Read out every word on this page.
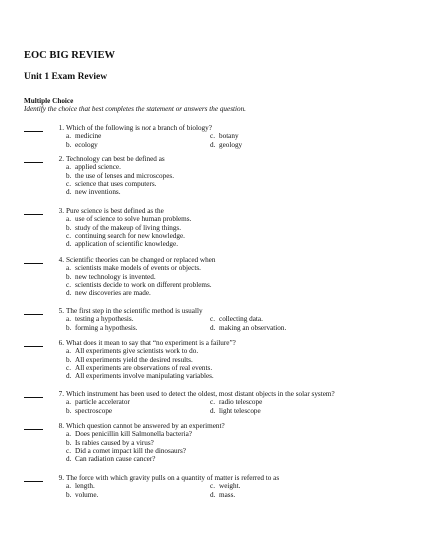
EOC BIG REVIEW
Unit 1 Exam Review
Multiple Choice
Identify the choice that best completes the statement or answers the question.
1. Which of the following is not a branch of biology?
a. medicine	c. botany
b. ecology	d. geology
2. Technology can best be defined as
a. applied science.
b. the use of lenses and microscopes.
c. science that uses computers.
d. new inventions.
3. Pure science is best defined as the
a. use of science to solve human problems.
b. study of the makeup of living things.
c. continuing search for new knowledge.
d. application of scientific knowledge.
4. Scientific theories can be changed or replaced when
a. scientists make models of events or objects.
b. new technology is invented.
c. scientists decide to work on different problems.
d. new discoveries are made.
5. The first step in the scientific method is usually
a. testing a hypothesis.	c. collecting data.
b. forming a hypothesis.	d. making an observation.
6. What does it mean to say that “no experiment is a failure”?
a. All experiments give scientists work to do.
b. All experiments yield the desired results.
c. All experiments are observations of real events.
d. All experiments involve manipulating variables.
7. Which instrument has been used to detect the oldest, most distant objects in the solar system?
a. particle accelerator	c. radio telescope
b. spectroscope	d. light telescope
8. Which question cannot be answered by an experiment?
a. Does penicillin kill Salmonella bacteria?
b. Is rabies caused by a virus?
c. Did a comet impact kill the dinosaurs?
d. Can radiation cause cancer?
9. The force with which gravity pulls on a quantity of matter is referred to as
a. length.	c. weight.
b. volume.	d. mass.
